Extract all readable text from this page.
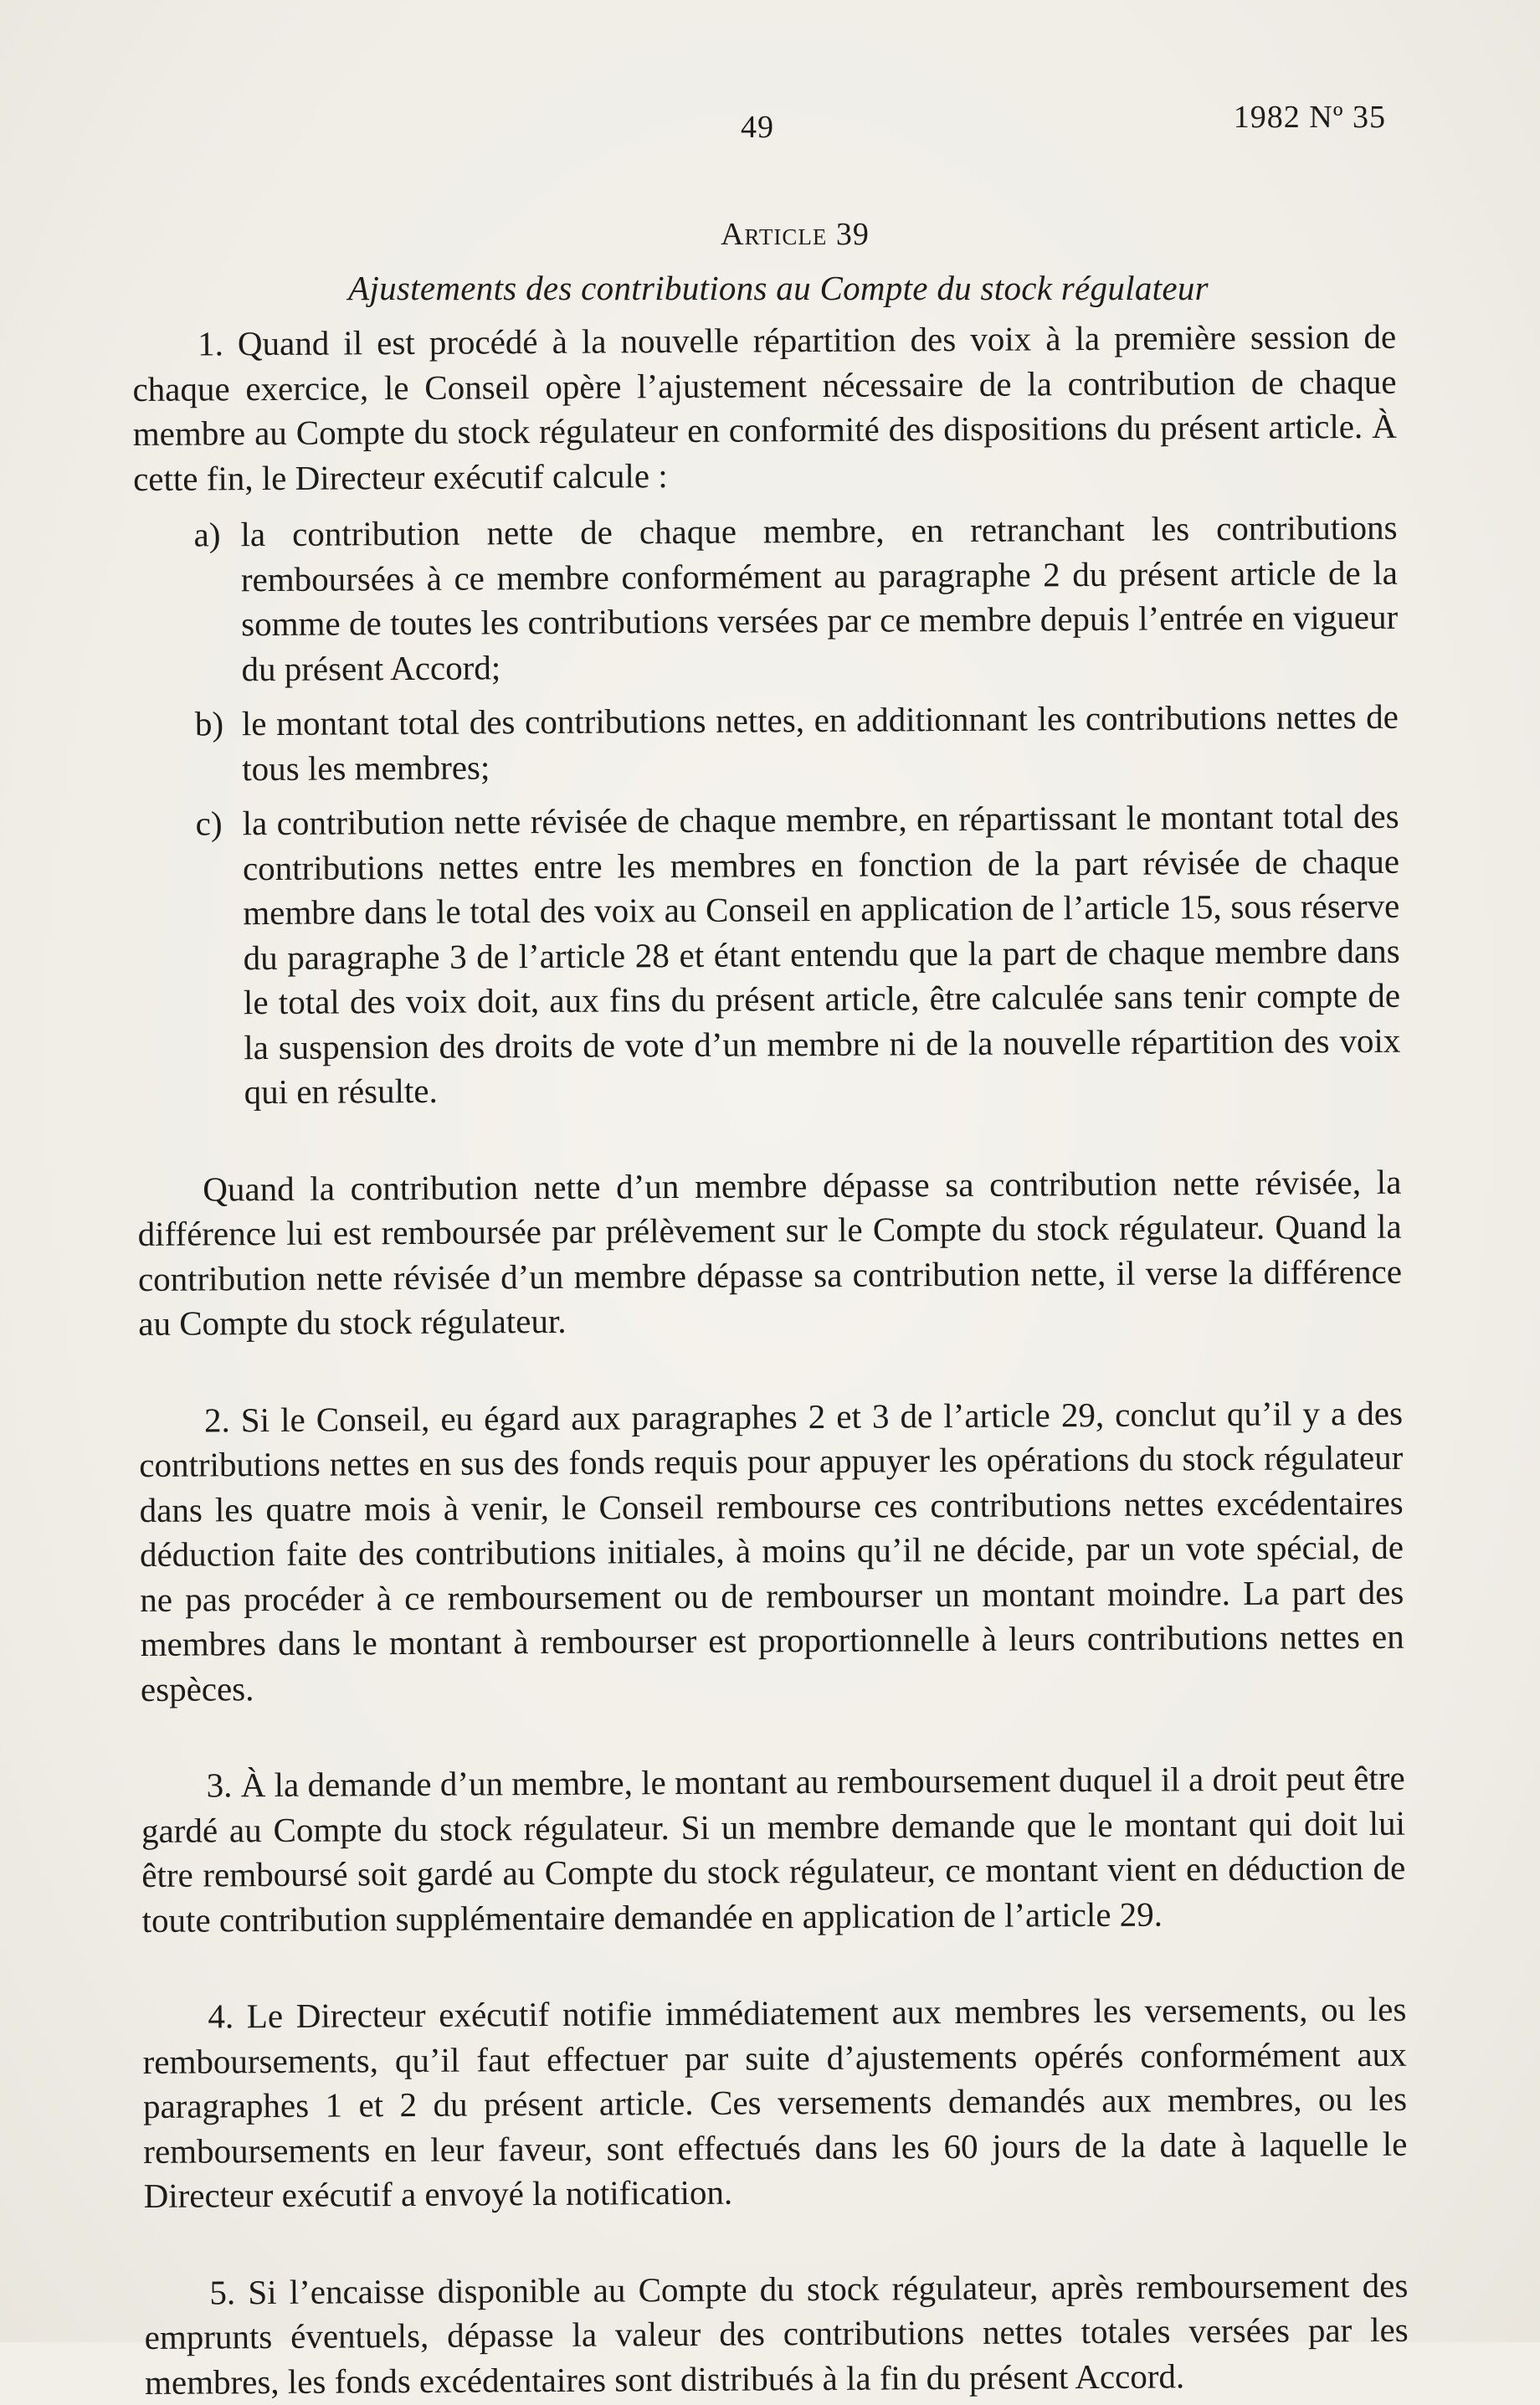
49	1982 Nº 35
Article 39
Ajustements des contributions au Compte du stock régulateur

1. Quand il est procédé à la nouvelle répartition des voix à la première session de chaque exercice, le Conseil opère l’ajustement nécessaire de la contribution de chaque membre au Compte du stock régulateur en conformité des dispositions du présent article. À cette fin, le Directeur exécutif calcule :

a) la contribution nette de chaque membre, en retranchant les contributions remboursées à ce membre conformément au paragraphe 2 du présent article de la somme de toutes les contributions versées par ce membre depuis l’entrée en vigueur du présent Accord;
b) le montant total des contributions nettes, en additionnant les contributions nettes de tous les membres;
c) la contribution nette révisée de chaque membre, en répartissant le montant total des contributions nettes entre les membres en fonction de la part révisée de chaque membre dans le total des voix au Conseil en application de l’article 15, sous réserve du paragraphe 3 de l’article 28 et étant entendu que la part de chaque membre dans le total des voix doit, aux fins du présent article, être calculée sans tenir compte de la suspension des droits de vote d’un membre ni de la nouvelle répartition des voix qui en résulte.

Quand la contribution nette d’un membre dépasse sa contribution nette révisée, la différence lui est remboursée par prélèvement sur le Compte du stock régulateur. Quand la contribution nette révisée d’un membre dépasse sa contribution nette, il verse la différence au Compte du stock régulateur.

2. Si le Conseil, eu égard aux paragraphes 2 et 3 de l’article 29, conclut qu’il y a des contributions nettes en sus des fonds requis pour appuyer les opérations du stock régulateur dans les quatre mois à venir, le Conseil rembourse ces contributions nettes excédentaires déduction faite des contributions initiales, à moins qu’il ne décide, par un vote spécial, de ne pas procéder à ce remboursement ou de rembourser un montant moindre. La part des membres dans le montant à rembourser est proportionnelle à leurs contributions nettes en espèces.

3. À la demande d’un membre, le montant au remboursement duquel il a droit peut être gardé au Compte du stock régulateur. Si un membre demande que le montant qui doit lui être remboursé soit gardé au Compte du stock régulateur, ce montant vient en déduction de toute contribution supplémentaire demandée en application de l’article 29.

4. Le Directeur exécutif notifie immédiatement aux membres les versements, ou les remboursements, qu’il faut effectuer par suite d’ajustements opérés conformément aux paragraphes 1 et 2 du présent article. Ces versements demandés aux membres, ou les remboursements en leur faveur, sont effectués dans les 60 jours de la date à laquelle le Directeur exécutif a envoyé la notification.

5. Si l’encaisse disponible au Compte du stock régulateur, après remboursement des emprunts éventuels, dépasse la valeur des contributions nettes totales versées par les membres, les fonds excédentaires sont distribués à la fin du présent Accord.
